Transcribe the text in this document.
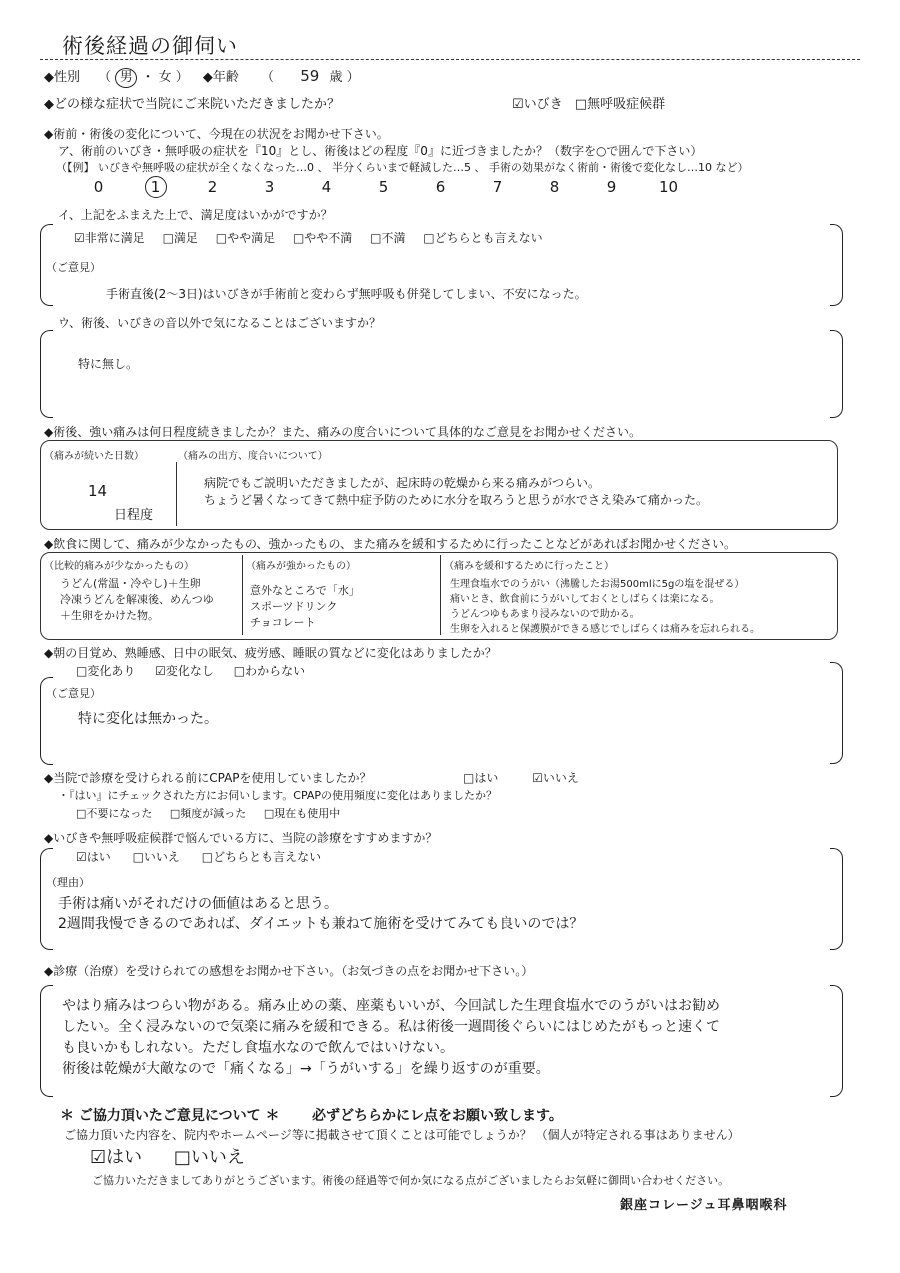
術後経過の御伺い
◆性別 （ 男 ・ 女 ） ◆年齢 （ 59 歳 ）
◆どの様な症状で当院にご来院いただきましたか？	☑いびき □無呼吸症候群
◆術前・術後の変化について、今現在の状況をお聞かせ下さい。
ア、術前のいびき・無呼吸の症状を『10』とし、術後はどの程度『0』に近づきましたか？（数字を○で囲んで下さい）
（【例】 いびきや無呼吸の症状が全くなくなった…0 、 半分くらいまで軽減した…5 、 手術の効果がなく術前・術後で変化なし…10 など）
0	1	2	3	4	5	6	7	8	9	10
イ、上記をふまえた上で、満足度はいかがですか？
☑非常に満足 □満足 □やや満足 □やや不満 □不満 □どちらとも言えない
（ご意見）
手術直後(2〜3日)はいびきが手術前と変わらず無呼吸も併発してしまい、不安になった。
ウ、術後、いびきの音以外で気になることはございますか？
特に無し。
◆術後、強い痛みは何日程度続きましたか？また、痛みの度合いについて具体的なご意見をお聞かせください。
（痛みが続いた日数）
14
日程度
（痛みの出方、度合いについて）
病院でもご説明いただきましたが、起床時の乾燥から来る痛みがつらい。
ちょうど暑くなってきて熱中症予防のために水分を取ろうと思うが水でさえ染みて痛かった。
◆飲食に関して、痛みが少なかったもの、強かったもの、また痛みを緩和するために行ったことなどがあればお聞かせください。
（比較的痛みが少なかったもの）
うどん(常温・冷やし)＋生卵
冷凍うどんを解凍後、めんつゆ
＋生卵をかけた物。
（痛みが強かったもの）
意外なところで「水」
スポーツドリンク
チョコレート
（痛みを緩和するために行ったこと）
生理食塩水でのうがい（沸騰したお湯500mlに5gの塩を混ぜる）
痛いとき、飲食前にうがいしておくとしばらくは楽になる。
うどんつゆもあまり浸みないので助かる。
生卵を入れると保護膜ができる感じでしばらくは痛みを忘れられる。
◆朝の目覚め、熟睡感、日中の眠気、疲労感、睡眠の質などに変化はありましたか？
□変化あり ☑変化なし □わからない
（ご意見）
特に変化は無かった。
◆当院で診療を受けられる前にCPAPを使用していましたか？	□はい	☑いいえ
・『はい』にチェックされた方にお伺いします。CPAPの使用頻度に変化はありましたか？
□不要になった □頻度が減った □現在も使用中
◆いびきや無呼吸症候群で悩んでいる方に、当院の診療をすすめますか？
☑はい □いいえ □どちらとも言えない
（理由）
手術は痛いがそれだけの価値はあると思う。
2週間我慢できるのであれば、ダイエットも兼ねて施術を受けてみても良いのでは？
◆診療（治療）を受けられての感想をお聞かせ下さい。（お気づきの点をお聞かせ下さい。）
やはり痛みはつらい物がある。痛み止めの薬、座薬もいいが、今回試した生理食塩水でのうがいはお勧め
したい。全く浸みないので気楽に痛みを緩和できる。私は術後一週間後ぐらいにはじめたがもっと速くて
も良いかもしれない。ただし食塩水なので飲んではいけない。
術後は乾燥が大敵なので「痛くなる」→「うがいする」を繰り返すのが重要。
＊ ご協力頂いたご意見について ＊ 必ずどちらかにレ点をお願い致します。
ご協力頂いた内容を、院内やホームページ等に掲載させて頂くことは可能でしょうか？ （個人が特定される事はありません）
☑はい □いいえ
ご協力いただきましてありがとうございます。術後の経過等で何か気になる点がございましたらお気軽に御問い合わせください。
銀座コレージュ耳鼻咽喉科
